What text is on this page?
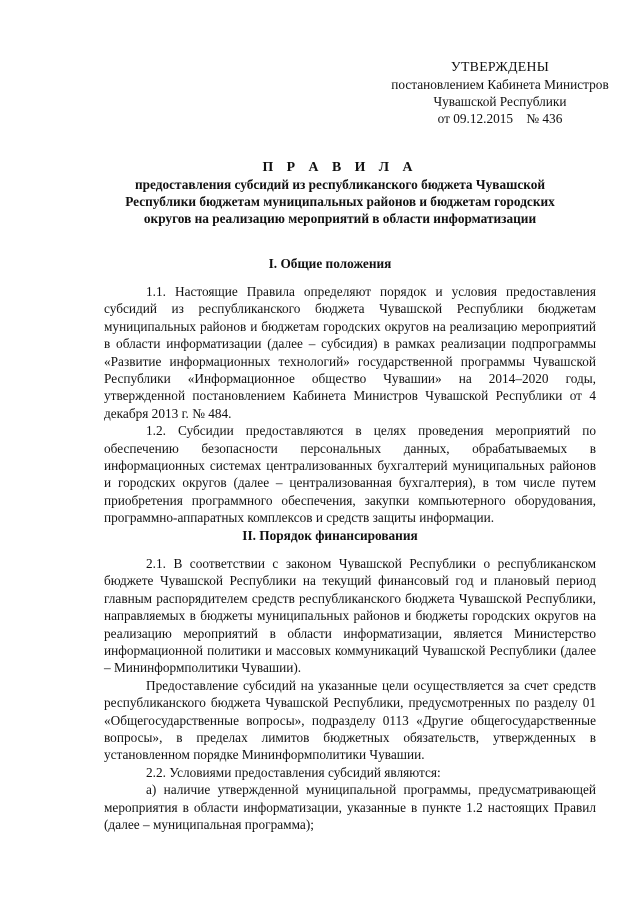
УТВЕРЖДЕНЫ
постановлением Кабинета Министров
Чувашской Республики
от 09.12.2015    № 436
П Р А В И Л А
предоставления субсидий из республиканского бюджета Чувашской Республики бюджетам муниципальных районов и бюджетам городских округов на реализацию мероприятий в области информатизации
I. Общие положения

1.1. Настоящие Правила определяют порядок и условия предоставления субсидий из республиканского бюджета Чувашской Республики бюджетам муниципальных районов и бюджетам городских округов на реализацию мероприятий в области информатизации (далее – субсидия) в рамках реализации подпрограммы «Развитие информационных технологий» государственной программы Чувашской Республики «Информационное общество Чувашии» на 2014–2020 годы, утвержденной постановлением Кабинета Министров Чувашской Республики от 4 декабря 2013 г. № 484.

1.2. Субсидии предоставляются в целях проведения мероприятий по обеспечению безопасности персональных данных, обрабатываемых в информационных системах централизованных бухгалтерий муниципальных районов и городских округов (далее – централизованная бухгалтерия), в том числе путем приобретения программного обеспечения, закупки компьютерного оборудования, программно-аппаратных комплексов и средств защиты информации.

II. Порядок финансирования

2.1. В соответствии с законом Чувашской Республики о республиканском бюджете Чувашской Республики на текущий финансовый год и плановый период главным распорядителем средств республиканского бюджета Чувашской Республики, направляемых в бюджеты муниципальных районов и бюджеты городских округов на реализацию мероприятий в области информатизации, является Министерство информационной политики и массовых коммуникаций Чувашской Республики (далее – Мининформполитики Чувашии).

Предоставление субсидий на указанные цели осуществляется за счет средств республиканского бюджета Чувашской Республики, предусмотренных по разделу 01 «Общегосударственные вопросы», подразделу 0113 «Другие общегосударственные вопросы», в пределах лимитов бюджетных обязательств, утвержденных в установленном порядке Мининформполитики Чувашии.

2.2. Условиями предоставления субсидий являются:

а) наличие утвержденной муниципальной программы, предусматривающей мероприятия в области информатизации, указанные в пункте 1.2 настоящих Правил (далее – муниципальная программа);
